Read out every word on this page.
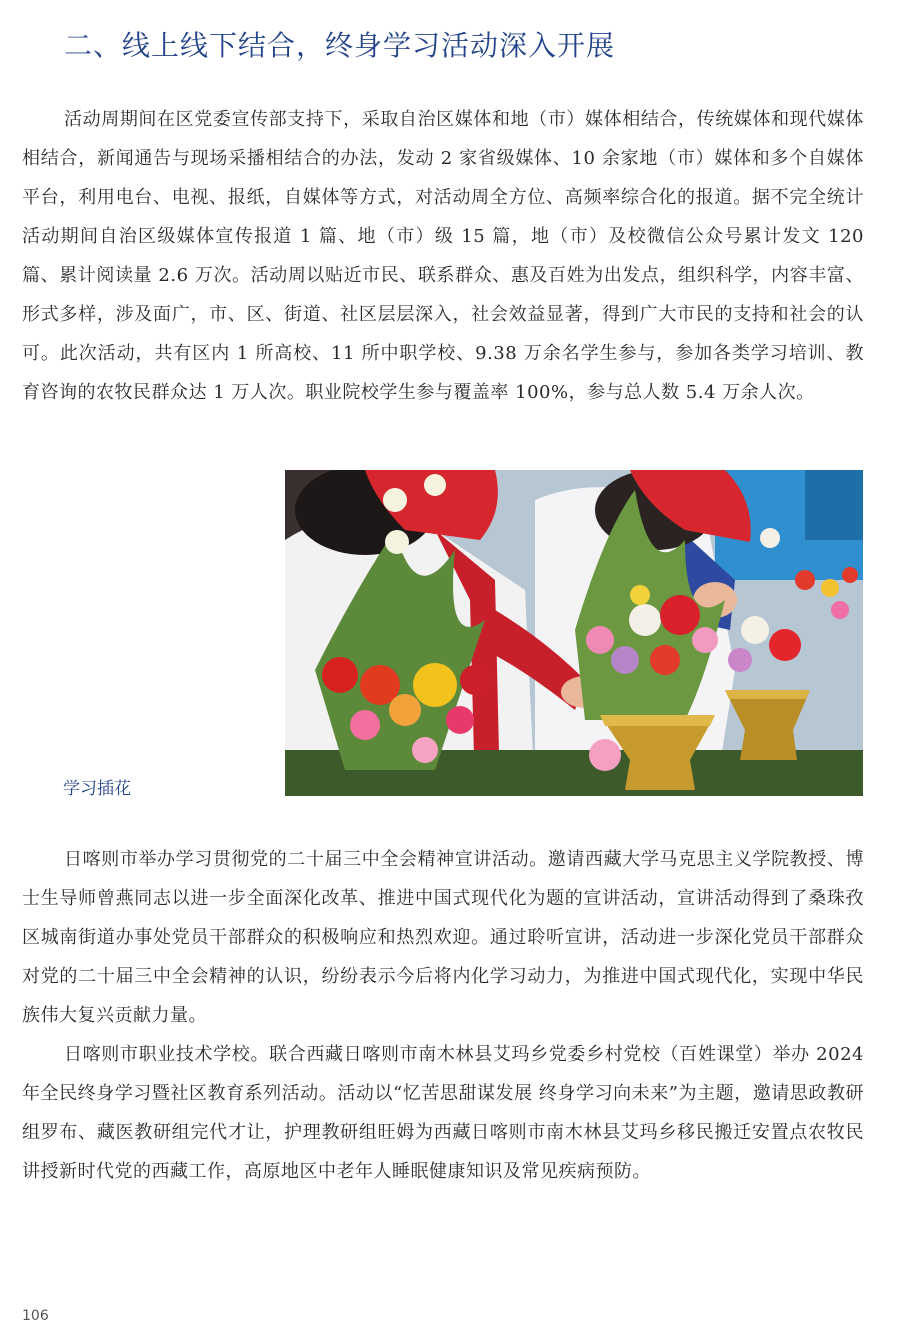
二、线上线下结合，终身学习活动深入开展

活动周期间在区党委宣传部支持下，采取自治区媒体和地（市）媒体相结合，传统媒体和现代媒体相结合，新闻通告与现场采播相结合的办法，发动 2 家省级媒体、10 余家地（市）媒体和多个自媒体平台，利用电台、电视、报纸，自媒体等方式，对活动周全方位、高频率综合化的报道。据不完全统计活动期间自治区级媒体宣传报道 1 篇、地（市）级 15 篇，地（市）及校微信公众号累计发文 120 篇、累计阅读量 2.6 万次。活动周以贴近市民、联系群众、惠及百姓为出发点，组织科学，内容丰富、形式多样，涉及面广，市、区、街道、社区层层深入，社会效益显著，得到广大市民的支持和社会的认可。此次活动，共有区内 1 所高校、11 所中职学校、9.38 万余名学生参与，参加各类学习培训、教育咨询的农牧民群众达 1 万人次。职业院校学生参与覆盖率 100%，参与总人数 5.4 万余人次。

学习插花

日喀则市举办学习贯彻党的二十届三中全会精神宣讲活动。邀请西藏大学马克思主义学院教授、博士生导师曾燕同志以进一步全面深化改革、推进中国式现代化为题的宣讲活动，宣讲活动得到了桑珠孜区城南街道办事处党员干部群众的积极响应和热烈欢迎。通过聆听宣讲，活动进一步深化党员干部群众对党的二十届三中全会精神的认识，纷纷表示今后将内化学习动力，为推进中国式现代化，实现中华民族伟大复兴贡献力量。

日喀则市职业技术学校。联合西藏日喀则市南木林县艾玛乡党委乡村党校（百姓课堂）举办 2024 年全民终身学习暨社区教育系列活动。活动以“忆苦思甜谋发展 终身学习向未来”为主题，邀请思政教研组罗布、藏医教研组完代才让，护理教研组旺姆为西藏日喀则市南木林县艾玛乡移民搬迁安置点农牧民讲授新时代党的西藏工作，高原地区中老年人睡眠健康知识及常见疾病预防。

106
